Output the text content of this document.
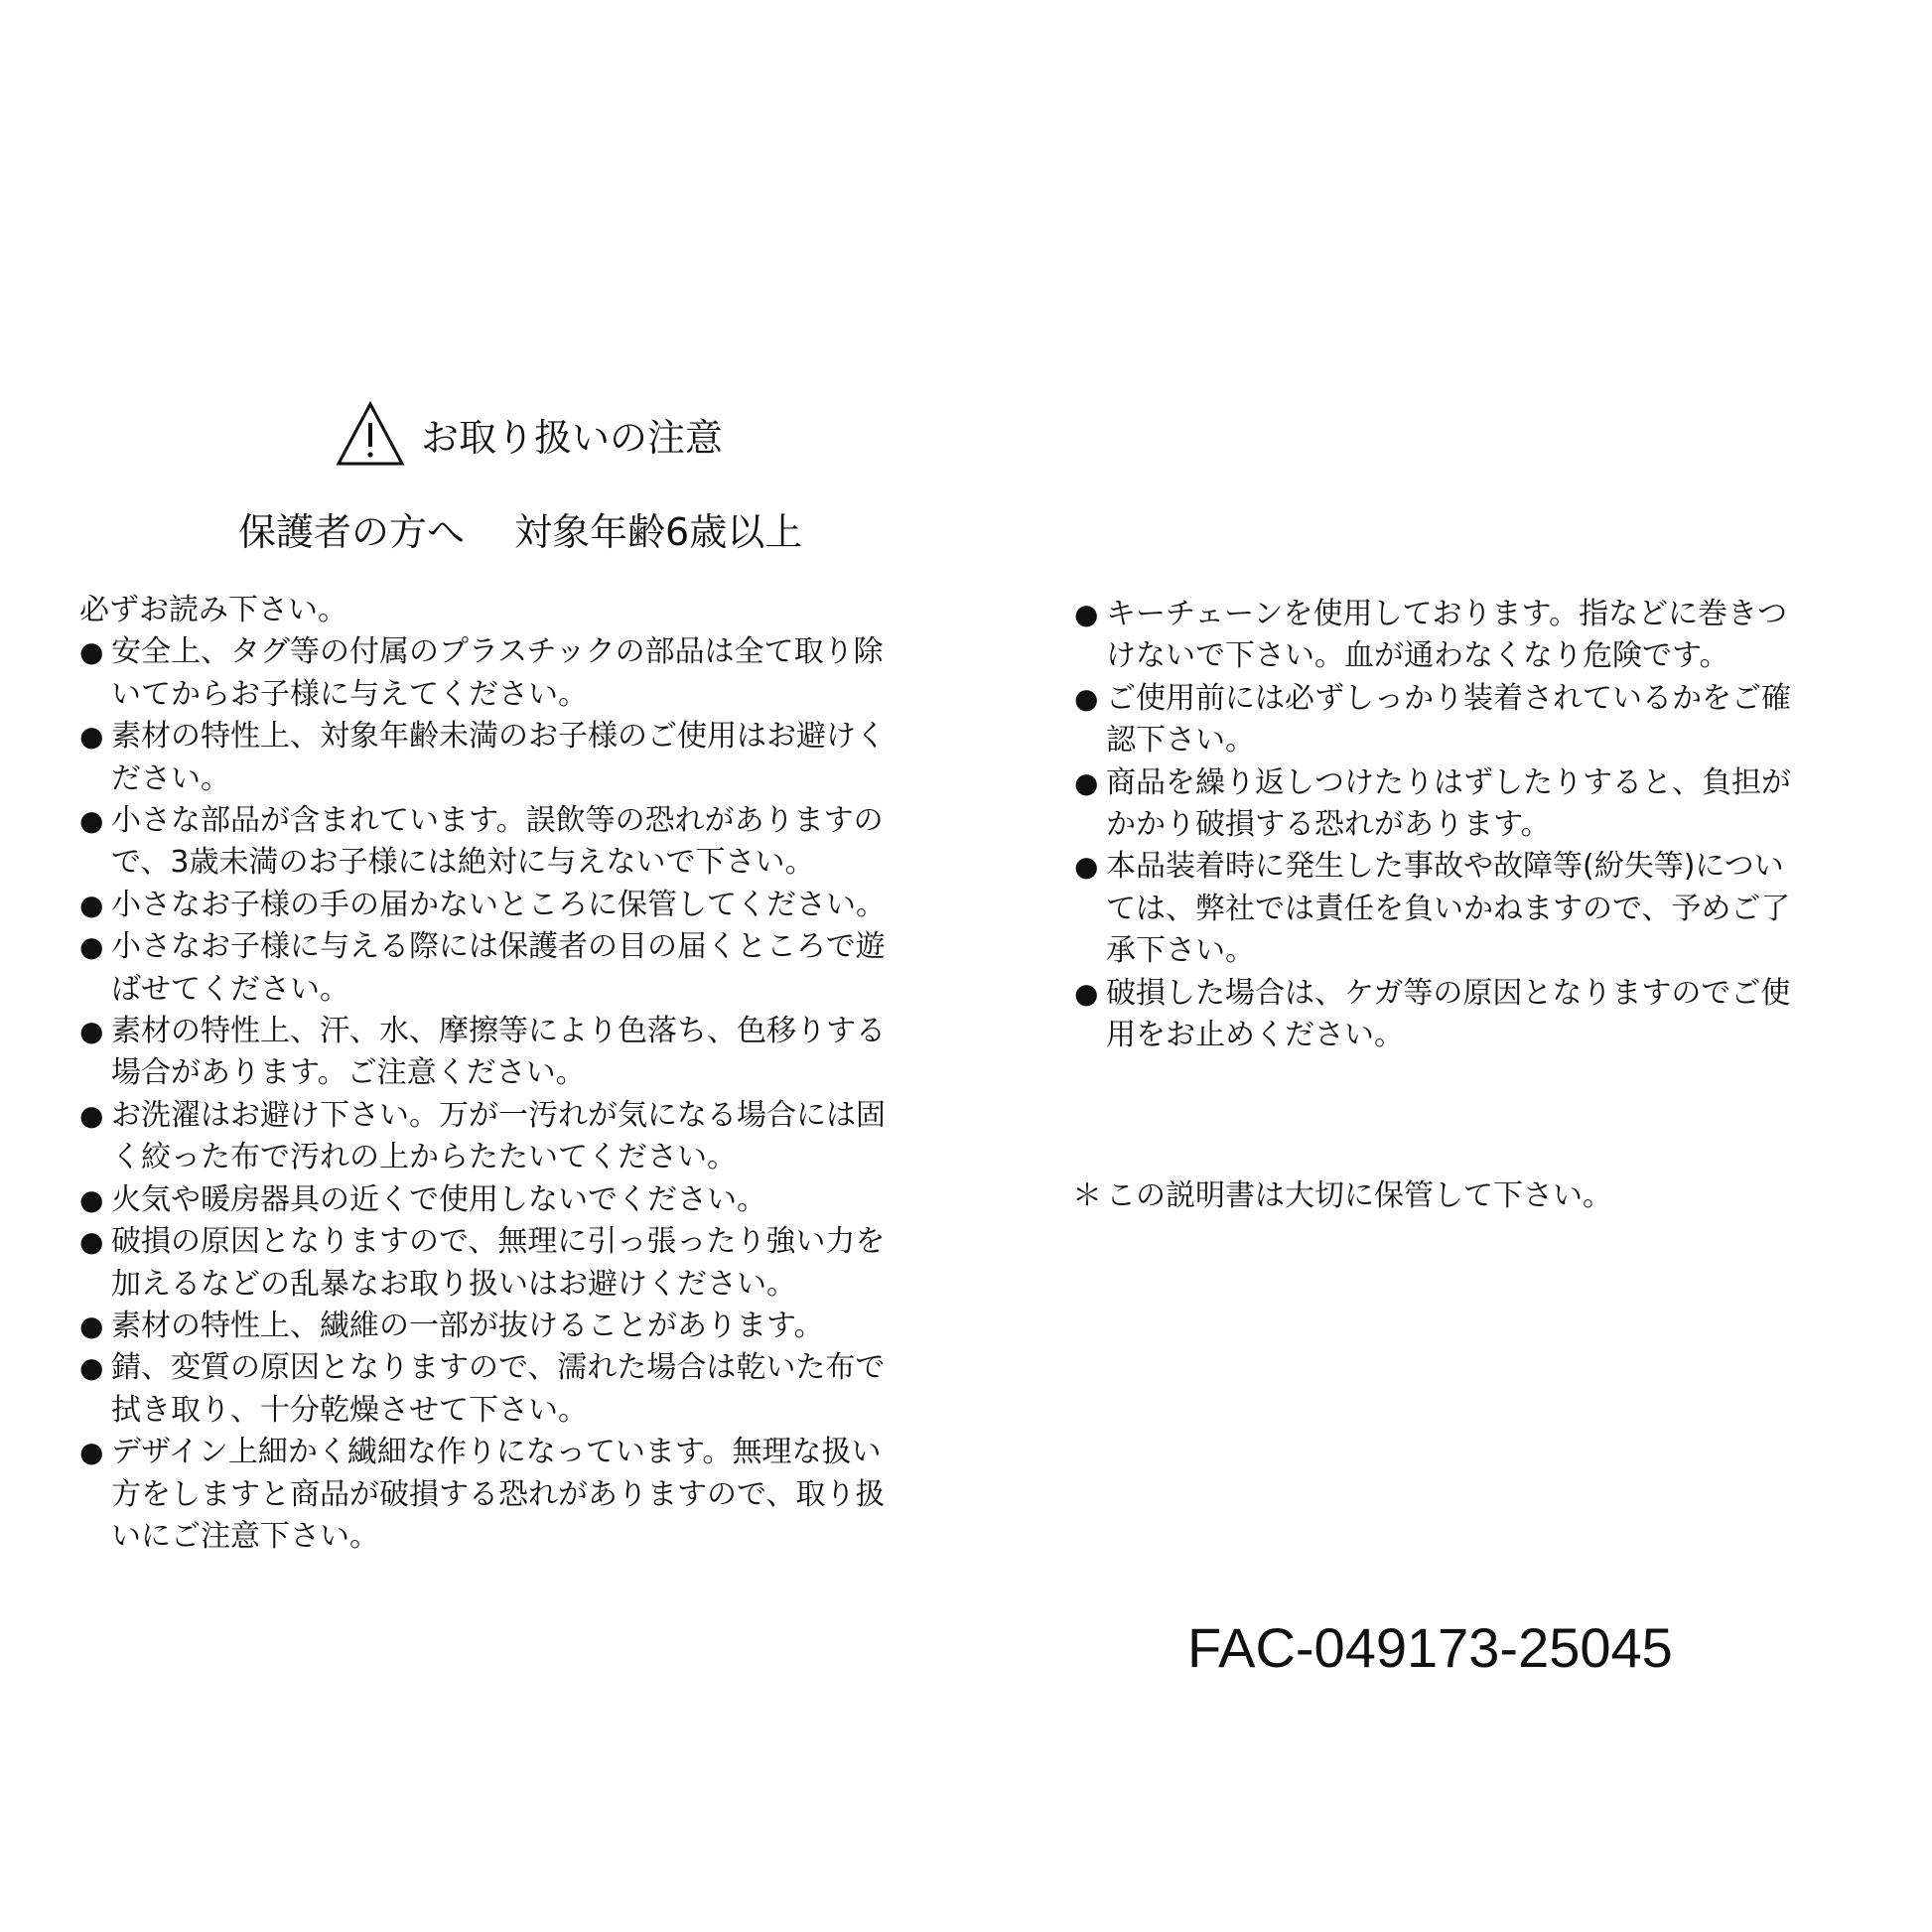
お取り扱いの注意
保護者の方へ 対象年齢6歳以上
必ずお読み下さい。
● 安全上、タグ等の付属のプラスチックの部品は全て取り除いてからお子様に与えてください。
● 素材の特性上、対象年齢未満のお子様のご使用はお避けください。
● 小さな部品が含まれています。誤飲等の恐れがありますので、3歳未満のお子様には絶対に与えないで下さい。
● 小さなお子様の手の届かないところに保管してください。
● 小さなお子様に与える際には保護者の目の届くところで遊ばせてください。
● 素材の特性上、汗、水、摩擦等により色落ち、色移りする場合があります。ご注意ください。
● お洗濯はお避け下さい。万が一汚れが気になる場合には固く絞った布で汚れの上からたたいてください。
● 火気や暖房器具の近くで使用しないでください。
● 破損の原因となりますので、無理に引っ張ったり強い力を加えるなどの乱暴なお取り扱いはお避けください。
● 素材の特性上、繊維の一部が抜けることがあります。
● 錆、変質の原因となりますので、濡れた場合は乾いた布で拭き取り、十分乾燥させて下さい。
● デザイン上細かく繊細な作りになっています。無理な扱い方をしますと商品が破損する恐れがありますので、取り扱いにご注意下さい。
● キーチェーンを使用しております。指などに巻きつけないで下さい。血が通わなくなり危険です。
● ご使用前には必ずしっかり装着されているかをご確認下さい。
● 商品を繰り返しつけたりはずしたりすると、負担がかかり破損する恐れがあります。
● 本品装着時に発生した事故や故障等(紛失等)については、弊社では責任を負いかねますので、予めご了承下さい。
● 破損した場合は、ケガ等の原因となりますのでご使用をお止めください。
＊ この説明書は大切に保管して下さい。
FAC-049173-25045
